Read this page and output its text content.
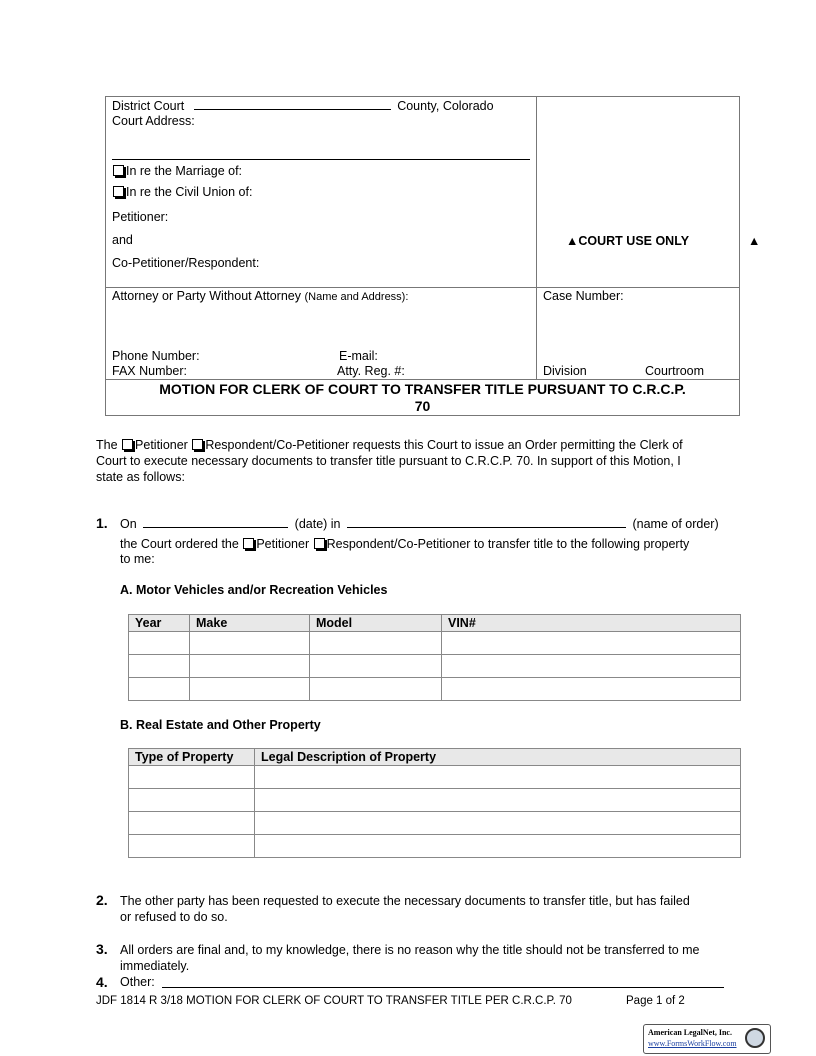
District Court	County, Colorado
Court Address:
In re the Marriage of:
In re the Civil Union of:
Petitioner:
and
Co-Petitioner/Respondent:
▲COURT USE ONLY	▲
Attorney or Party Without Attorney (Name and Address):
Phone Number:	E-mail:
FAX Number:	Atty. Reg. #:
Case Number:
Division	Courtroom
MOTION FOR CLERK OF COURT TO TRANSFER TITLE PURSUANT TO C.R.C.P.
70
The Petitioner Respondent/Co-Petitioner requests this Court to issue an Order permitting the Clerk of
Court to execute necessary documents to transfer title pursuant to C.R.C.P. 70. In support of this Motion, I
state as follows:
1. On	(date) in	(name of order)
the Court ordered the Petitioner Respondent/Co-Petitioner to transfer title to the following property
to me:
A. Motor Vehicles and/or Recreation Vehicles
Year	Make	Model	VIN#

B. Real Estate and Other Property
Type of Property	Legal Description of Property

2. The other party has been requested to execute the necessary documents to transfer title, but has failed
or refused to do so.
3. All orders are final and, to my knowledge, there is no reason why the title should not be transferred to me
immediately.
4. Other:
JDF 1814 R 3/18 MOTION FOR CLERK OF COURT TO TRANSFER TITLE PER C.R.C.P. 70	Page 1 of 2
American LegalNet, Inc.
www.FormsWorkFlow.com
